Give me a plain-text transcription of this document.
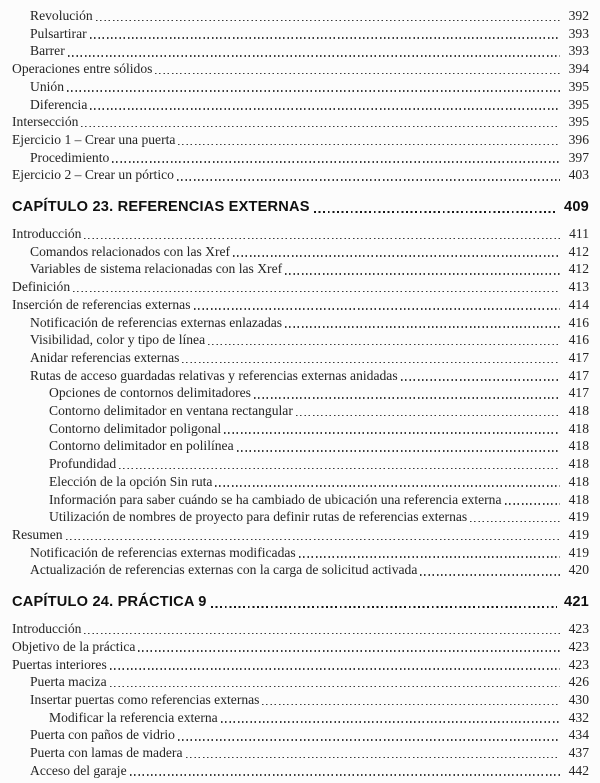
Revolución	392
Pulsartirar	393
Barrer	393
Operaciones entre sólidos	394
Unión	395
Diferencia	395
Intersección	395
Ejercicio 1 – Crear una puerta	396
Procedimiento	397
Ejercicio 2 – Crear un pórtico	403
CAPÍTULO 23. REFERENCIAS EXTERNAS	409
Introducción	411
Comandos relacionados con las Xref	412
Variables de sistema relacionadas con las Xref	412
Definición	413
Inserción de referencias externas	414
Notificación de referencias externas enlazadas	416
Visibilidad, color y tipo de línea	416
Anidar referencias externas	417
Rutas de acceso guardadas relativas y referencias externas anidadas	417
Opciones de contornos delimitadores	417
Contorno delimitador en ventana rectangular	418
Contorno delimitador poligonal	418
Contorno delimitador en polilínea	418
Profundidad	418
Elección de la opción Sin ruta	418
Información para saber cuándo se ha cambiado de ubicación una referencia externa	418
Utilización de nombres de proyecto para definir rutas de referencias externas	419
Resumen	419
Notificación de referencias externas modificadas	419
Actualización de referencias externas con la carga de solicitud activada	420
CAPÍTULO 24. PRÁCTICA 9	421
Introducción	423
Objetivo de la práctica	423
Puertas interiores	423
Puerta maciza	426
Insertar puertas como referencias externas	430
Modificar la referencia externa	432
Puerta con paños de vidrio	434
Puerta con lamas de madera	437
Acceso del garaje	442
